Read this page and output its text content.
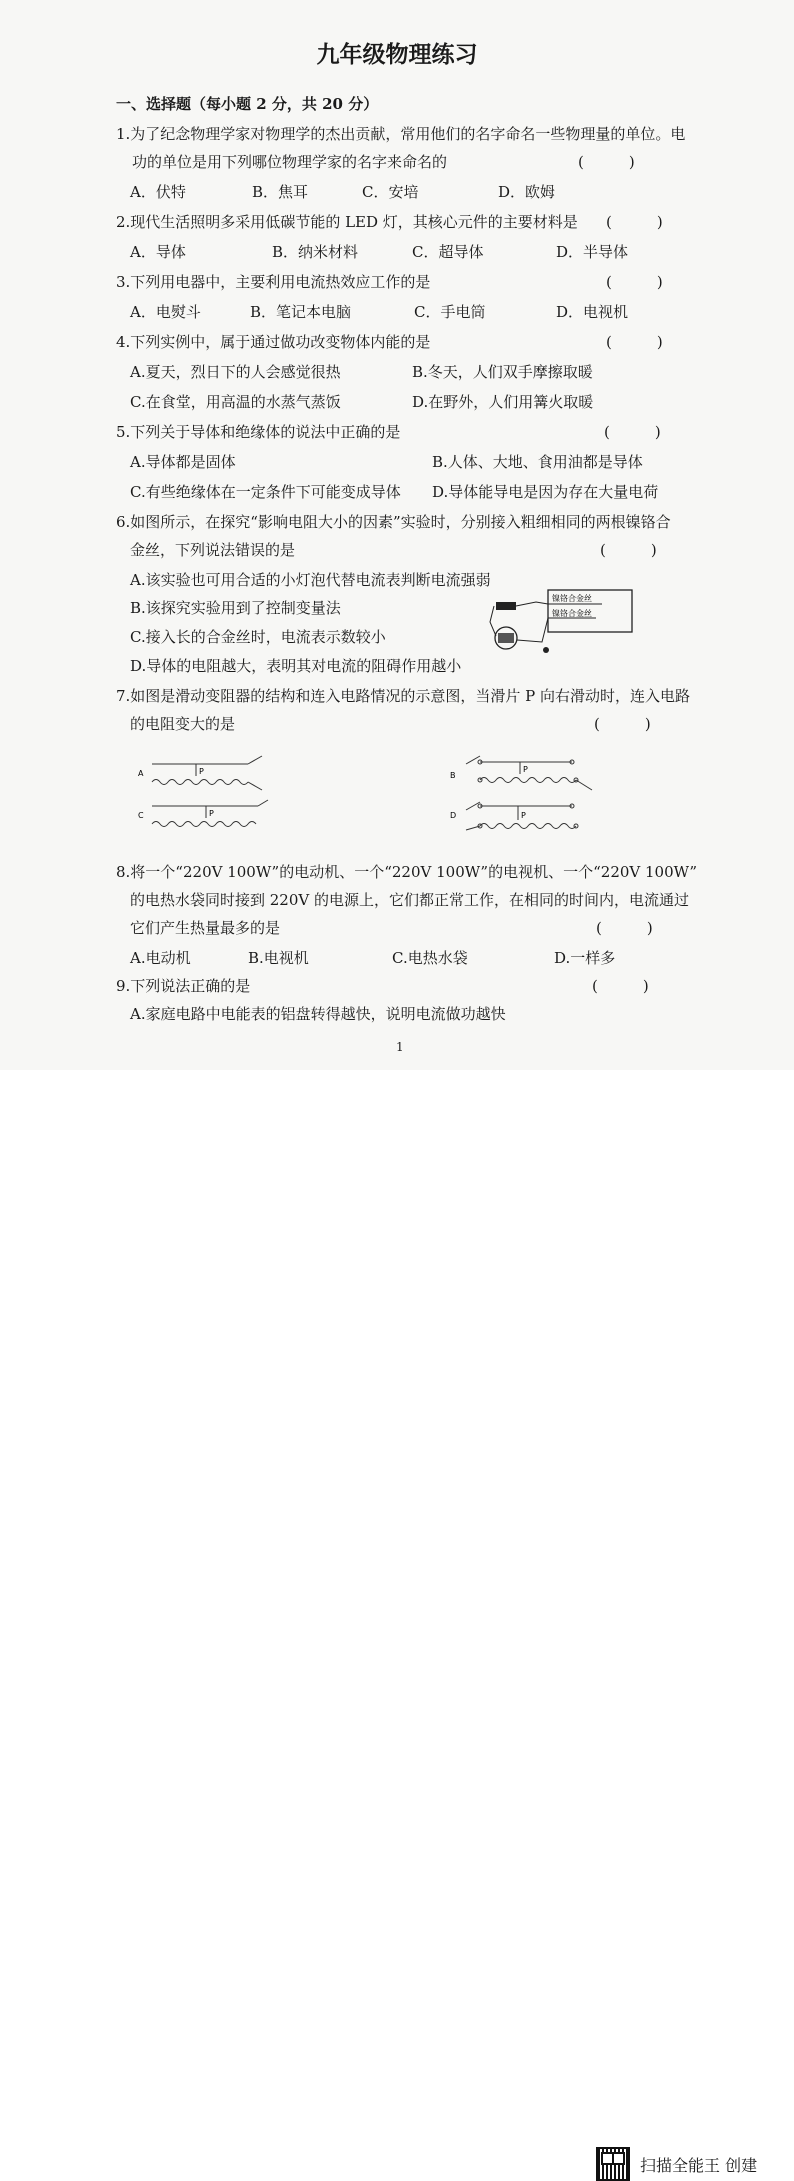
九年级物理练习
一、选择题（每小题 2 分，共 20 分）
1.为了纪念物理学家对物理学的杰出贡献，常用他们的名字命名一些物理量的单位。电
功的单位是用下列哪位物理学家的名字来命名的	(　　　)
A．伏特	B．焦耳	C．安培	D．欧姆
2.现代生活照明多采用低碳节能的 LED 灯，其核心元件的主要材料是 (　　　)
A．导体	B．纳米材料	C．超导体	D．半导体
3.下列用电器中，主要利用电流热效应工作的是	(　　　)
A．电熨斗	B．笔记本电脑	C．手电筒	D．电视机
4.下列实例中，属于通过做功改变物体内能的是	(　　　)
A.夏天，烈日下的人会感觉很热	B.冬天，人们双手摩擦取暖
C.在食堂，用高温的水蒸气蒸饭	D.在野外，人们用篝火取暖
5.下列关于导体和绝缘体的说法中正确的是	(　　　)
A.导体都是固体	B.人体、大地、食用油都是导体
C.有些绝缘体在一定条件下可能变成导体 D.导体能导电是因为存在大量电荷
6.如图所示，在探究“影响电阻大小的因素”实验时，分别接入粗细相同的两根镍铬合
金丝，下列说法错误的是	(　　　)
A.该实验也可用合适的小灯泡代替电流表判断电流强弱
B.该探究实验用到了控制变量法
C.接入长的合金丝时，电流表示数较小
D.导体的电阻越大，表明其对电流的阻碍作用越小
镍铬合金丝
镍铬合金丝
7.如图是滑动变阻器的结构和连入电路情况的示意图，当滑片 P 向右滑动时，连入电路
的电阻变大的是	(　　　)
A	P
C	P
B
P
D	P
8.将一个“220V 100W”的电动机、一个“220V 100W”的电视机、一个“220V 100W”
的电热水袋同时接到 220V 的电源上，它们都正常工作，在相同的时间内，电流通过
它们产生热量最多的是	(　　　)
A.电动机	B.电视机	C.电热水袋	D.一样多
9.下列说法正确的是	(　　　)
A.家庭电路中电能表的铝盘转得越快，说明电流做功越快
1
扫描全能王 创建
